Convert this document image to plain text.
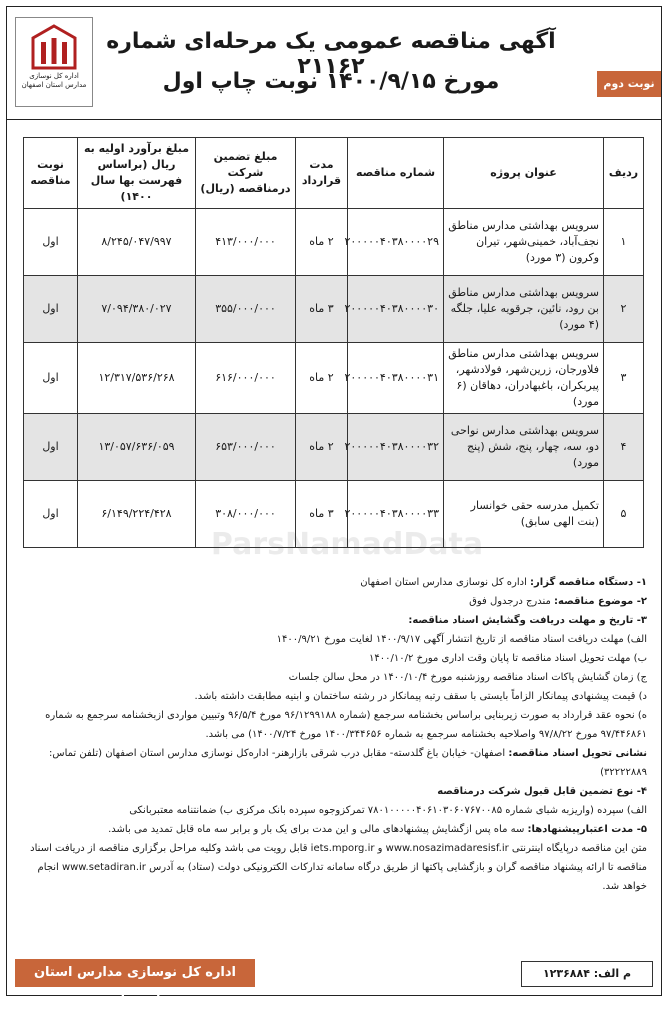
اداره کل نوسازی مدارس استان اصفهان
آگهی مناقصه عمومی یک مرحله‌ای شماره ۲۱۱۶۲
مورخ ۱۴۰۰/۹/۱۵ نوبت چاپ اول	نوبت دوم
ParsNamadData
ردیف	عنوان پروژه	شماره مناقصه	مدت قرارداد	مبلغ تضمین شرکت درمناقصه (ریال)	مبلغ برآورد اولیه به ریال (براساس فهرست بها سال ۱۴۰۰)	نوبت مناقصه
۱	سرویس بهداشتی مدارس مناطق نجف‌آباد، خمینی‌شهر، تیران وکرون (۳ مورد)	۲۰۰۰۰۰۴۰۳۸۰۰۰۰۲۹	۲ ماه	۴۱۳/۰۰۰/۰۰۰	۸/۲۴۵/۰۴۷/۹۹۷	اول
۲	سرویس بهداشتی مدارس مناطق بن رود، نائین، جرقویه علیا، جلگه (۴ مورد)	۲۰۰۰۰۰۴۰۳۸۰۰۰۰۳۰	۳ ماه	۳۵۵/۰۰۰/۰۰۰	۷/۰۹۴/۳۸۰/۰۲۷	اول
۳	سرویس بهداشتی مدارس مناطق فلاورجان، زرین‌شهر، فولادشهر، پیربکران، باغبهادران، دهاقان (۶ مورد)	۲۰۰۰۰۰۴۰۳۸۰۰۰۰۳۱	۲ ماه	۶۱۶/۰۰۰/۰۰۰	۱۲/۳۱۷/۵۳۶/۲۶۸	اول
۴	سرویس بهداشتی مدارس نواحی دو، سه، چهار، پنج، شش (پنج مورد)	۲۰۰۰۰۰۴۰۳۸۰۰۰۰۳۲	۲ ماه	۶۵۳/۰۰۰/۰۰۰	۱۳/۰۵۷/۶۳۶/۰۵۹	اول
۵	تکمیل مدرسه حقی خوانسار (بنت الهی سابق)	۲۰۰۰۰۰۴۰۳۸۰۰۰۰۳۳	۳ ماه	۳۰۸/۰۰۰/۰۰۰	۶/۱۴۹/۲۲۴/۴۲۸	اول

۱- دستگاه مناقصه گزار: اداره کل نوسازی مدارس استان اصفهان

۲- موضوع مناقصه: مندرج درجدول فوق

۳- تاریخ و مهلت دریافت وگشایش اسناد مناقصه:

الف) مهلت دریافت اسناد مناقصه از تاریخ انتشار آگهی ۱۴۰۰/۹/۱۷ لغایت مورخ ۱۴۰۰/۹/۲۱

ب) مهلت تحویل اسناد مناقصه تا پایان وقت اداری مورخ ۱۴۰۰/۱۰/۲

ج) زمان گشایش پاکات اسناد مناقصه روزشنبه مورخ ۱۴۰۰/۱۰/۴ در محل سالن جلسات

د) قیمت پیشنهادی پیمانکار الزاماً بایستی با سقف رتبه پیمانکار در رشته ساختمان و ابنیه مطابقت داشته باشد.

ه) نحوه عقد قرارداد به صورت زیربنایی براساس بخشنامه سرجمع (شماره ۹۶/۱۲۹۹۱۸۸ مورخ ۹۶/۵/۴ وتبیین مواردی ازبخشنامه سرجمع به شماره ۹۷/۴۴۶۸۶۱ مورخ ۹۷/۸/۲۲ واصلاحیه بخشنامه سرجمع به شماره ۱۴۰۰/۳۴۴۶۵۶ مورخ ۱۴۰۰/۷/۲۴) می باشد.

نشانی تحویل اسناد مناقصه: اصفهان- خیابان باغ گلدسته- مقابل درب شرقی بازارهنر- اداره‌کل نوسازی مدارس استان اصفهان (تلفن تماس: ۳۲۲۲۲۸۸۹)

۴- نوع تضمین قابل قبول شرکت درمناقصه

الف) سپرده (واریزبه شبای شماره ۷۸۰۱۰۰۰۰۰۴۰۶۱۰۳۰۶۰۷۶۷۰۰۸۵ تمرکزوجوه سپرده بانک مرکزی ب) ضمانتنامه معتبربانکی

۵- مدت اعتبارپیشنهادها: سه ماه پس ازگشایش پیشنهادهای مالی و این مدت برای یک بار و برابر سه ماه قابل تمدید می باشد.

متن این مناقصه درپایگاه اینترنتی www.nosazimadaresisf.ir و iets.mporg.ir قابل رویت می باشد وکلیه مراحل برگزاری مناقصه از دریافت اسناد مناقصه تا ارائه پیشنهاد مناقصه گران و بازگشایی پاکتها از طریق درگاه سامانه تدارکات الکترونیکی دولت (ستاد) به آدرس www.setadiran.ir انجام خواهد شد.

اداره کل نوسازی مدارس استان اصفهان
م الف: ۱۲۳۶۸۸۴
